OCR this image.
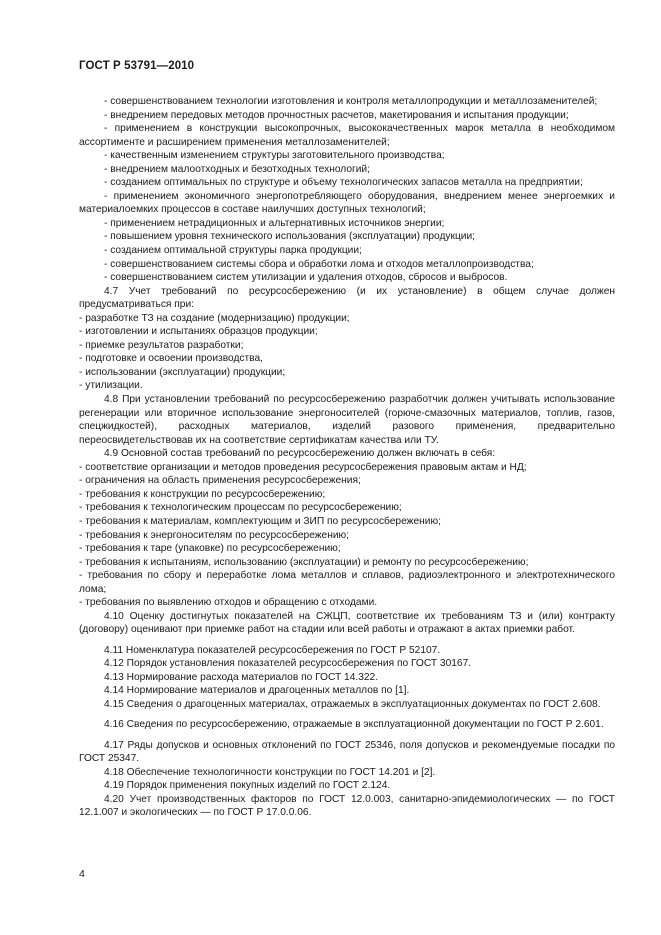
ГОСТ Р 53791—2010

- совершенствованием технологии изготовления и контроля металлопродукции и металлозаменителей;

- внедрением передовых методов прочностных расчетов, макетирования и испытания продукции;

- применением в конструкции высокопрочных, высококачественных марок металла в необходимом ассортименте и расширением применения металлозаменителей;

- качественным изменением структуры заготовительного производства;

- внедрением малоотходных и безотходных технологий;

- созданием оптимальных по структуре и объему технологических запасов металла на предприятии;

- применением экономичного энергопотребляющего оборудования, внедрением менее энергоемких и материалоемких процессов в составе наилучших доступных технологий;

- применением нетрадиционных и альтернативных источников энергии;

- повышением уровня технического использования (эксплуатации) продукции;

- созданием оптимальной структуры парка продукции;

- совершенствованием системы сбора и обработки лома и отходов металлопроизводства;

- совершенствованием систем утилизации и удаления отходов, сбросов и выбросов.

4.7 Учет требований по ресурсосбережению (и их установление) в общем случае должен предусматриваться при:

- разработке ТЗ на создание (модернизацию) продукции;

- изготовлении и испытаниях образцов продукции;

- приемке результатов разработки;

- подготовке и освоении производства,

- использовании (эксплуатации) продукции;

- утилизации.

4.8 При установлении требований по ресурсосбережению разработчик должен учитывать использование регенерации или вторичное использование энергоносителей (горюче-смазочных материалов, топлив, газов, спецжидкостей), расходных материалов, изделий разового применения, предварительно переосвидетельствовав их на соответствие сертификатам качества или ТУ.

4.9 Основной состав требований по ресурсосбережению должен включать в себя:

- соответствие организации и методов проведения ресурсосбережения правовым актам и НД;

- ограничения на область применения ресурсосбережения;

- требования к конструкции по ресурсосбережению;

- требования к технологическим процессам по ресурсосбережению;

- требования к материалам, комплектующим и ЗИП по ресурсосбережению;

- требования к энергоносителям по ресурсосбережению;

- требования к таре (упаковке) по ресурсосбережению;

- требования к испытаниям, использованию (эксплуатации) и ремонту по ресурсосбережению;

- требования по сбору и переработке лома металлов и сплавов, радиоэлектронного и электротехнического лома;

- требования по выявлению отходов и обращению с отходами.

4.10 Оценку достигнутых показателей на СЖЦП, соответствие их требованиям ТЗ и (или) контракту (договору) оценивают при приемке работ на стадии или всей работы и отражают в актах приемки работ.

4.11 Номенклатура показателей ресурсосбережения по ГОСТ Р 52107.

4.12 Порядок установления показателей ресурсосбережения по ГОСТ 30167.

4.13 Нормирование расхода материалов по ГОСТ 14.322.

4.14 Нормирование материалов и драгоценных металлов по [1].

4.15 Сведения о драгоценных материалах, отражаемых в эксплуатационных документах по ГОСТ 2.608.

4.16 Сведения по ресурсосбережению, отражаемые в эксплуатационной документации по ГОСТ Р 2.601.

4.17 Ряды допусков и основных отклонений по ГОСТ 25346, поля допусков и рекомендуемые посадки по ГОСТ 25347.

4.18 Обеспечение технологичности конструкции по ГОСТ 14.201 и [2].

4.19 Порядок применения покупных изделий по ГОСТ 2.124.

4.20 Учет производственных факторов по ГОСТ 12.0.003, санитарно-эпидемиологических — по ГОСТ 12.1.007 и экологических — по ГОСТ Р 17.0.0.06.

4
